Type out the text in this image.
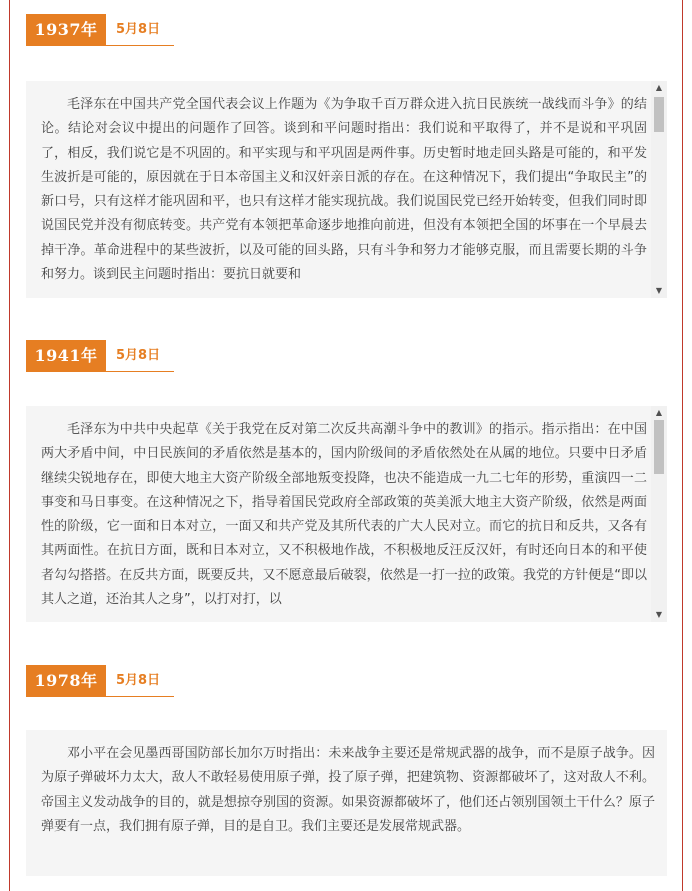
1937年	5月8日
毛泽东在中国共产党全国代表会议上作题为《为争取千百万群众进入抗日民族统一战线而斗争》的结论。结论对会议中提出的问题作了回答。谈到和平问题时指出：我们说和平取得了，并不是说和平巩固了，相反，我们说它是不巩固的。和平实现与和平巩固是两件事。历史暂时地走回头路是可能的，和平发生波折是可能的，原因就在于日本帝国主义和汉奸亲日派的存在。在这种情况下，我们提出“争取民主”的新口号，只有这样才能巩固和平，也只有这样才能实现抗战。我们说国民党已经开始转变，但我们同时即说国民党并没有彻底转变。共产党有本领把革命逐步地推向前进，但没有本领把全国的坏事在一个早晨去掉干净。革命进程中的某些波折，以及可能的回头路，只有斗争和努力才能够克服，而且需要长期的斗争和努力。谈到民主问题时指出：要抗日就要和
▲
▼
1941年	5月8日
毛泽东为中共中央起草《关于我党在反对第二次反共高潮斗争中的教训》的指示。指示指出：在中国两大矛盾中间，中日民族间的矛盾依然是基本的，国内阶级间的矛盾依然处在从属的地位。只要中日矛盾继续尖锐地存在，即使大地主大资产阶级全部地叛变投降，也决不能造成一九二七年的形势，重演四一二事变和马日事变。在这种情况之下，指导着国民党政府全部政策的英美派大地主大资产阶级，依然是两面性的阶级，它一面和日本对立，一面又和共产党及其所代表的广大人民对立。而它的抗日和反共，又各有其两面性。在抗日方面，既和日本对立，又不积极地作战，不积极地反汪反汉奸，有时还向日本的和平使者勾勾搭搭。在反共方面，既要反共，又不愿意最后破裂，依然是一打一拉的政策。我党的方针便是“即以其人之道，还治其人之身”，以打对打，以
▲
▼
1978年	5月8日
邓小平在会见墨西哥国防部长加尔万时指出：未来战争主要还是常规武器的战争，而不是原子战争。因为原子弹破坏力太大，敌人不敢轻易使用原子弹，投了原子弹，把建筑物、资源都破坏了，这对敌人不利。帝国主义发动战争的目的，就是想掠夺别国的资源。如果资源都破坏了，他们还占领别国领土干什么？原子弹要有一点，我们拥有原子弹，目的是自卫。我们主要还是发展常规武器。
